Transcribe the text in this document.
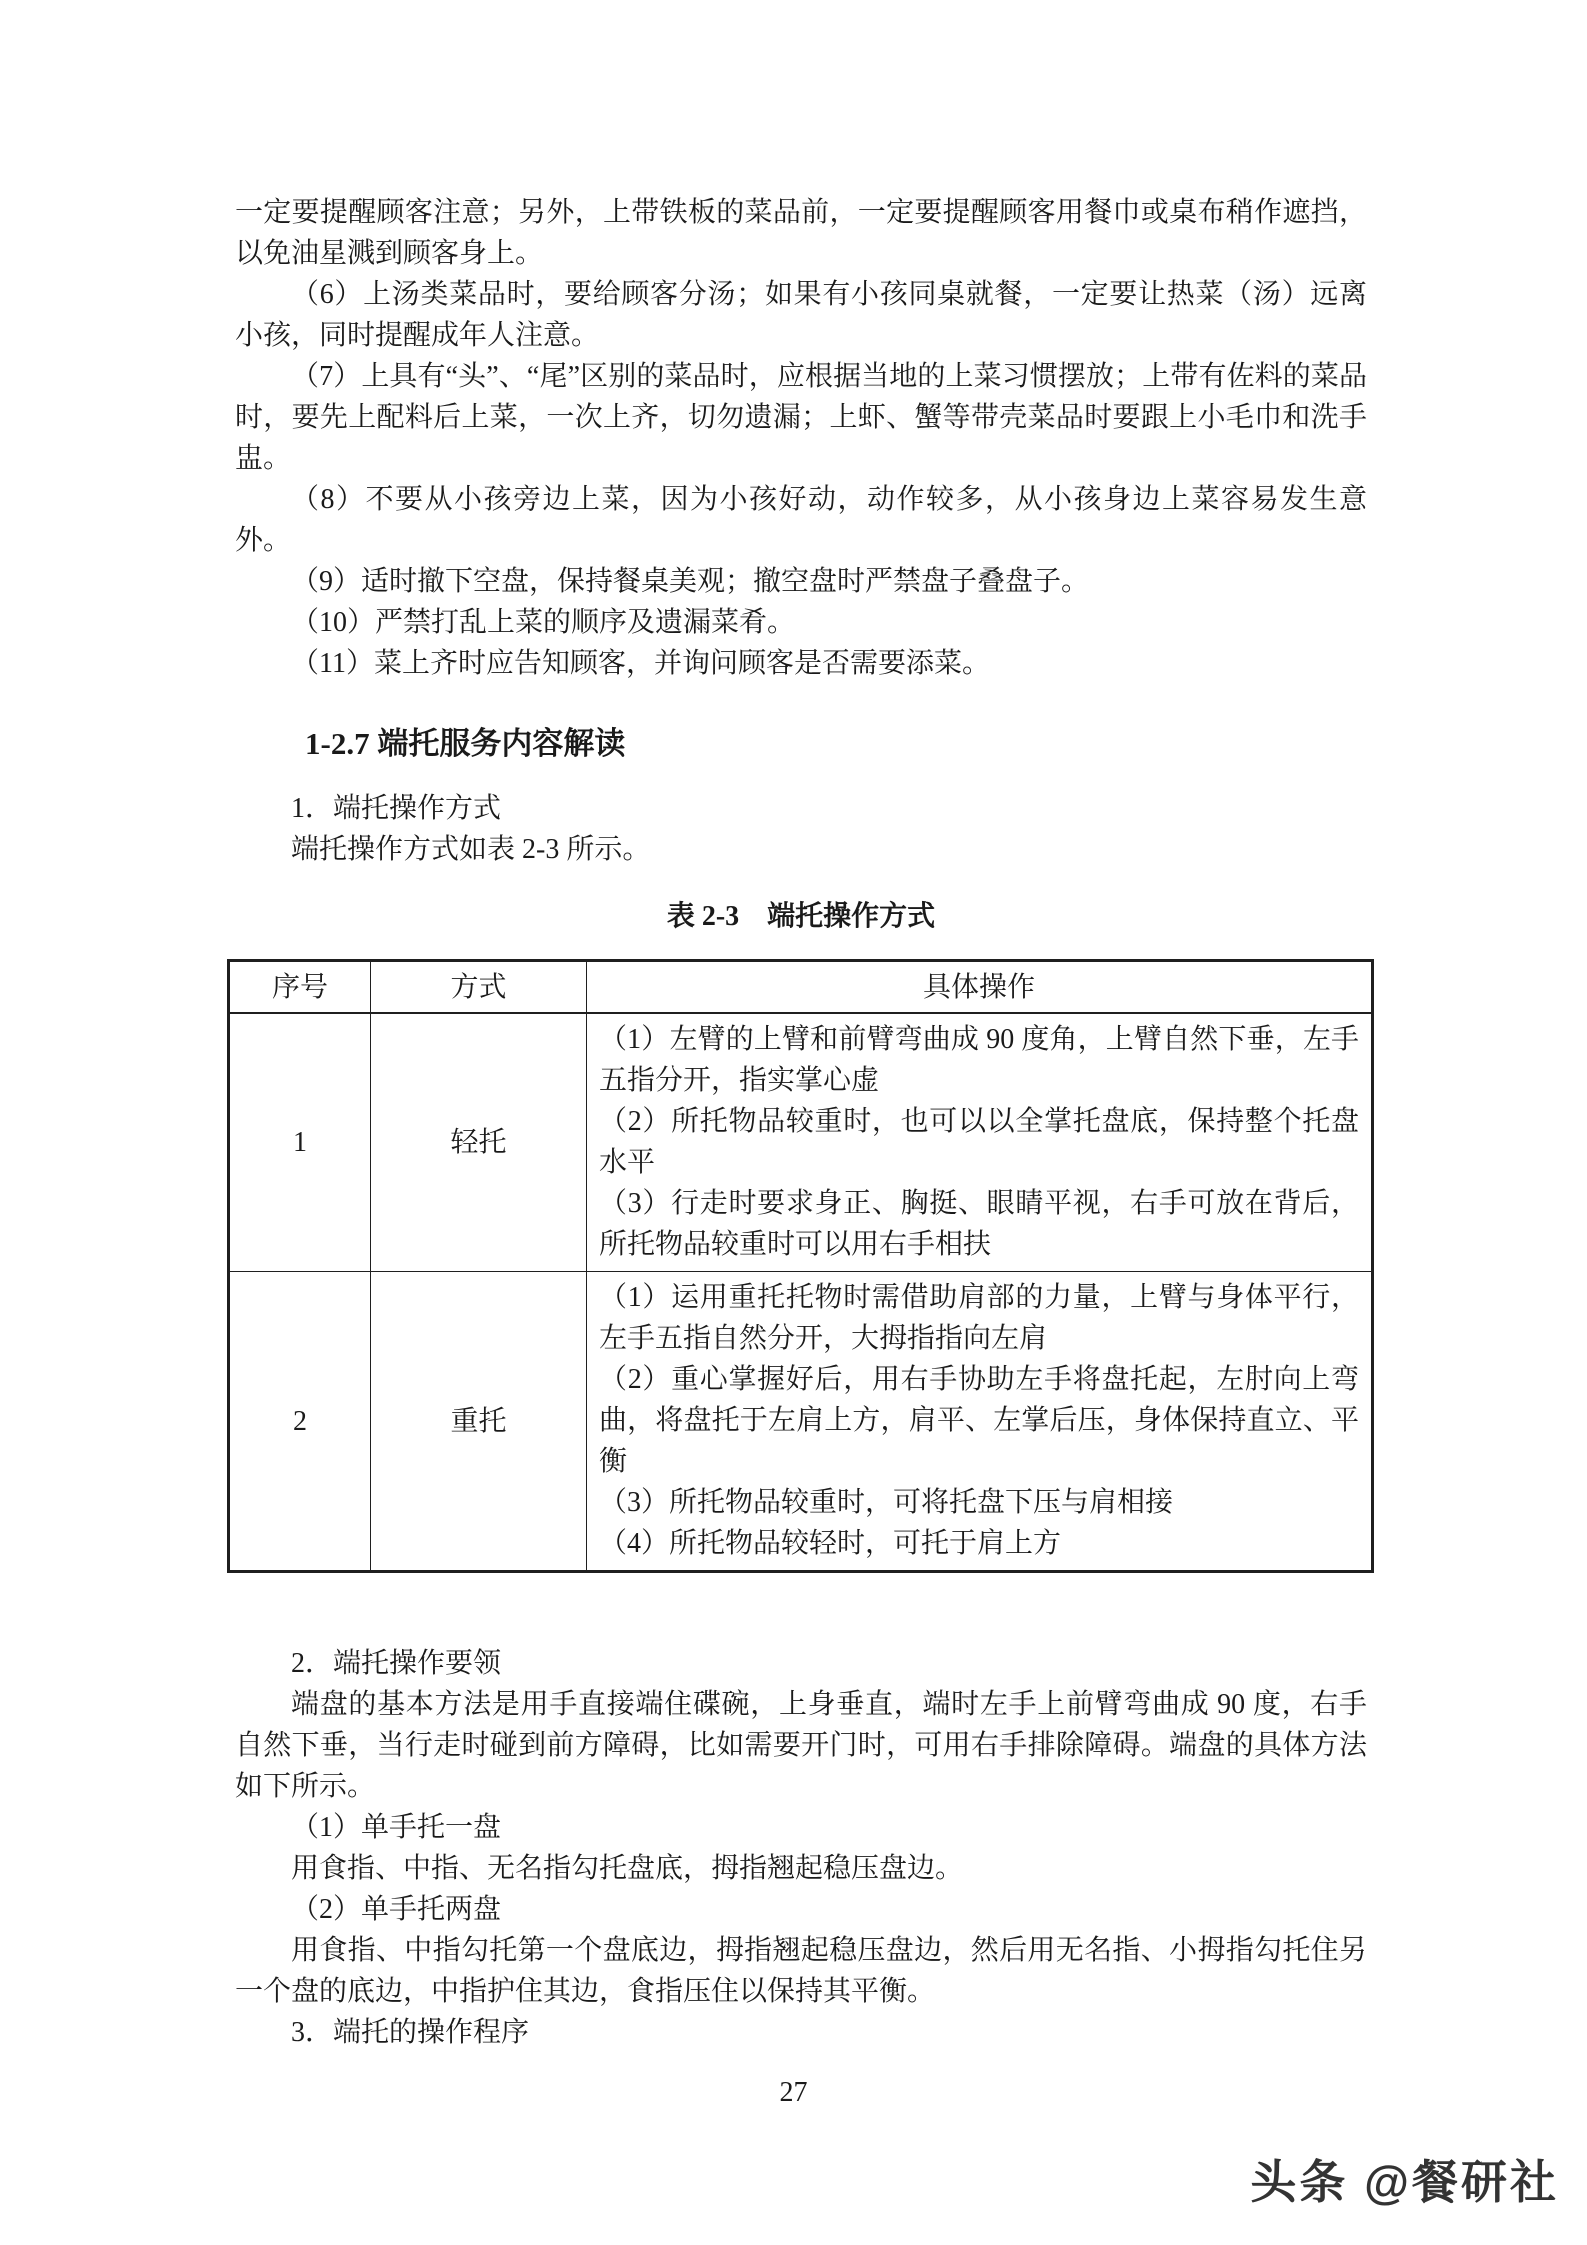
一定要提醒顾客注意；另外，上带铁板的菜品前，一定要提醒顾客用餐巾或桌布稍作遮挡，以免油星溅到顾客身上。

（6）上汤类菜品时，要给顾客分汤；如果有小孩同桌就餐，一定要让热菜（汤）远离小孩，同时提醒成年人注意。

（7）上具有“头”、“尾”区别的菜品时，应根据当地的上菜习惯摆放；上带有佐料的菜品时，要先上配料后上菜，一次上齐，切勿遗漏；上虾、蟹等带壳菜品时要跟上小毛巾和洗手盅。

（8）不要从小孩旁边上菜，因为小孩好动，动作较多，从小孩身边上菜容易发生意外。

（9）适时撤下空盘，保持餐桌美观；撤空盘时严禁盘子叠盘子。

（10）严禁打乱上菜的顺序及遗漏菜肴。

（11）菜上齐时应告知顾客，并询问顾客是否需要添菜。

1-2.7 端托服务内容解读

1．端托操作方式

端托操作方式如表 2-3 所示。

表 2-3　端托操作方式

序号	方式	具体操作
1	轻托	（1）左臂的上臂和前臂弯曲成 90 度角，上臂自然下垂，左手五指分开，指实掌心虚
（2）所托物品较重时，也可以以全掌托盘底，保持整个托盘水平
（3）行走时要求身正、胸挺、眼睛平视，右手可放在背后，所托物品较重时可以用右手相扶

2	重托	（1）运用重托托物时需借助肩部的力量，上臂与身体平行，左手五指自然分开，大拇指指向左肩
（2）重心掌握好后，用右手协助左手将盘托起，左肘向上弯曲，将盘托于左肩上方，肩平、左掌后压，身体保持直立、平衡
（3）所托物品较重时，可将托盘下压与肩相接
（4）所托物品较轻时，可托于肩上方

2．端托操作要领

端盘的基本方法是用手直接端住碟碗，上身垂直，端时左手上前臂弯曲成 90 度，右手自然下垂，当行走时碰到前方障碍，比如需要开门时，可用右手排除障碍。端盘的具体方法如下所示。

（1）单手托一盘

用食指、中指、无名指勾托盘底，拇指翘起稳压盘边。

（2）单手托两盘

用食指、中指勾托第一个盘底边，拇指翘起稳压盘边，然后用无名指、小拇指勾托住另一个盘的底边，中指护住其边，食指压住以保持其平衡。

3．端托的操作程序

27
头条 @餐研社
